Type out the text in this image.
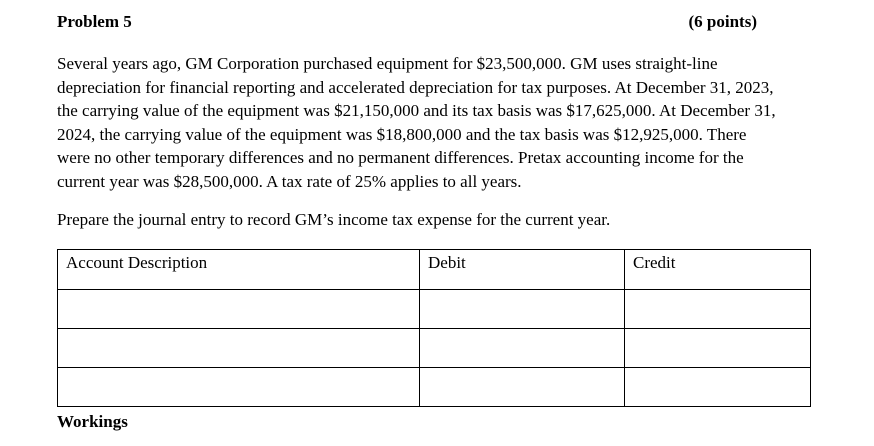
Problem 5	(6 points)
Several years ago, GM Corporation purchased equipment for $23,500,000. GM uses straight-line
depreciation for financial reporting and accelerated depreciation for tax purposes. At December 31, 2023,
the carrying value of the equipment was $21,150,000 and its tax basis was $17,625,000. At December 31,
2024, the carrying value of the equipment was $18,800,000 and the tax basis was $12,925,000. There
were no other temporary differences and no permanent differences. Pretax accounting income for the
current year was $28,500,000. A tax rate of 25% applies to all years.
Prepare the journal entry to record GM’s income tax expense for the current year.
Account Description	Debit	Credit

Workings
